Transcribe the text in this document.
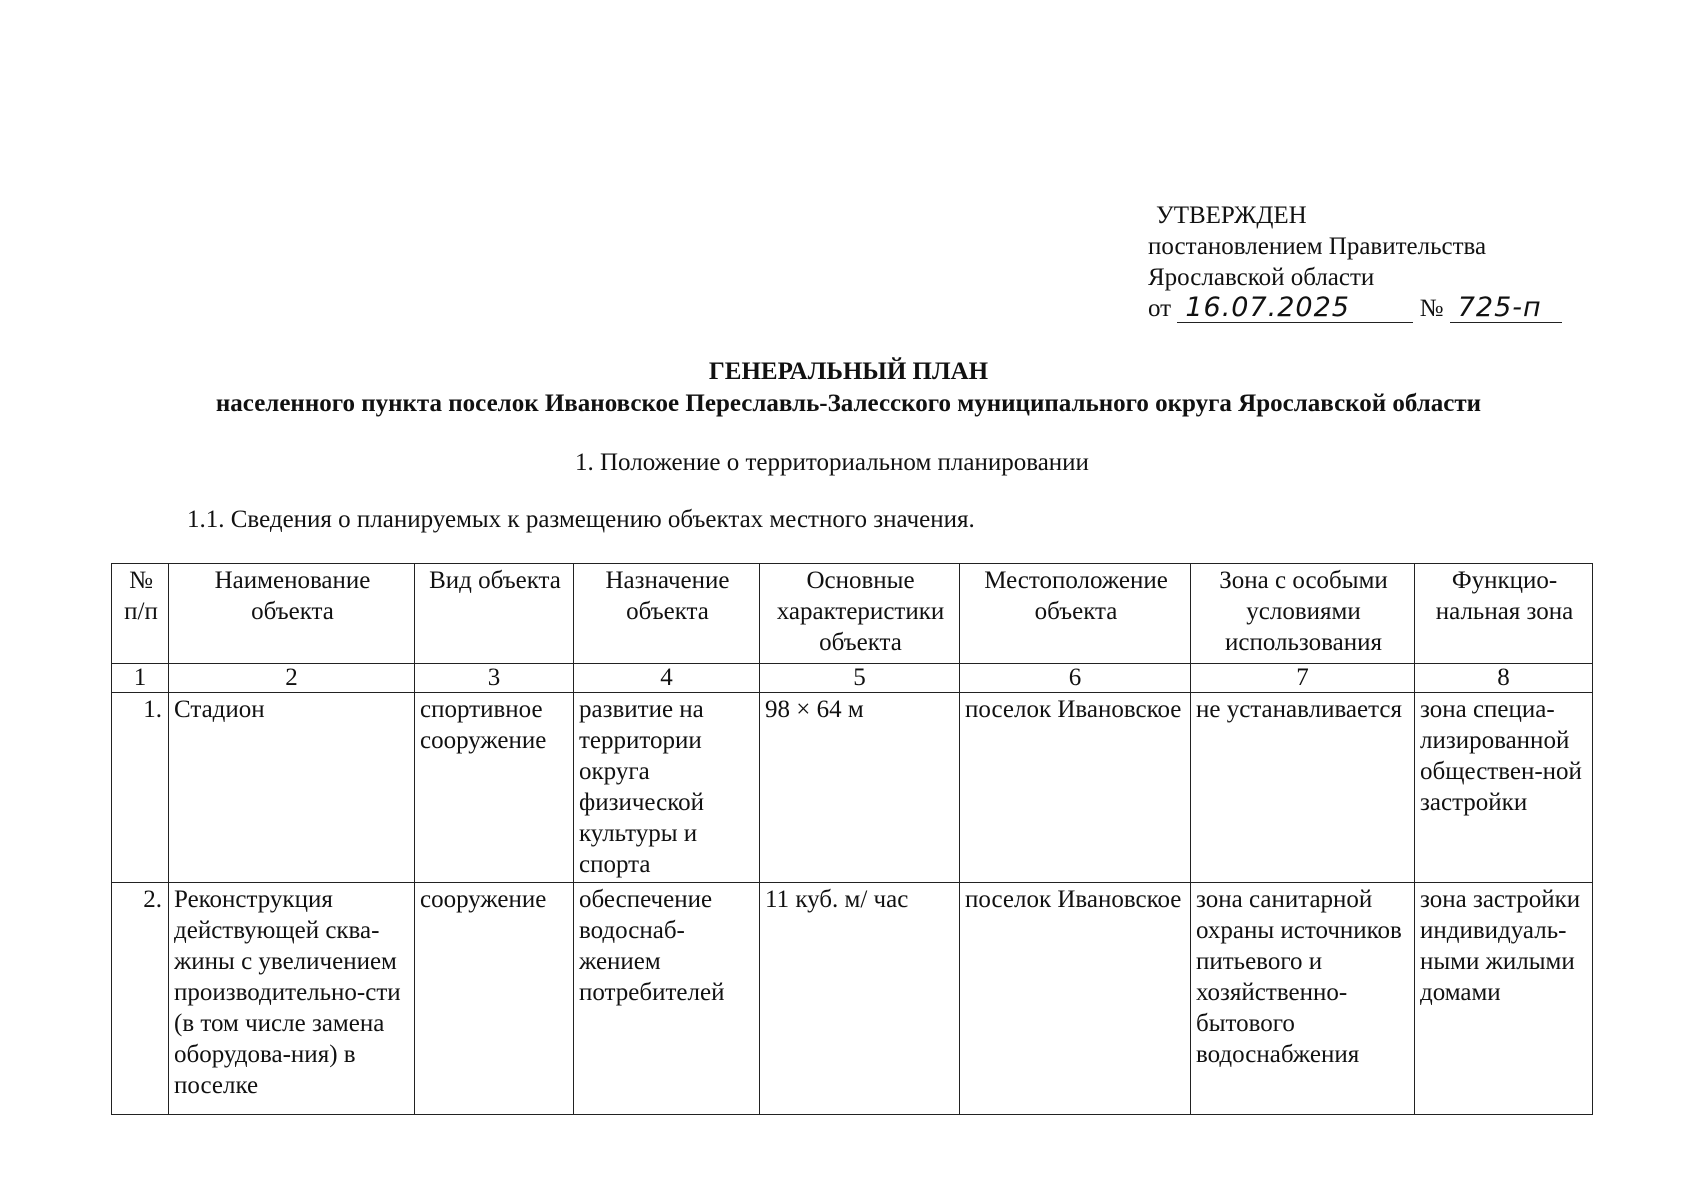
УТВЕРЖДЕН
постановлением Правительства
Ярославской области
от 16.07.2025	№ 725-п
ГЕНЕРАЛЬНЫЙ ПЛАН
населенного пункта поселок Ивановское Переславль-Залесского муниципального округа Ярославской области
1. Положение о территориальном планировании
1.1. Сведения о планируемых к размещению объектах местного значения.
№ п/п	Наименование объекта	Вид объекта	Назначение объекта	Основные характеристики объекта	Местоположение объекта	Зона с особыми условиями использования	Функцио-нальная зона
1	2	3	4	5	6	7	8
1.	Стадион	спортивное сооружение	развитие на территории округа физической культуры и спорта	98 × 64 м	поселок Ивановское	не устанавливается	зона специа-лизированной обществен-ной застройки
2.	Реконструкция действующей сква-жины с увеличением производительно-сти (в том числе замена оборудова-ния) в поселке	сооружение	обеспечение водоснаб-жением потребителей	11 куб. м/ час	поселок Ивановское	зона санитарной охраны источников питьевого и хозяйственно-бытового водоснабжения	зона застройки индивидуаль-ными жилыми домами
